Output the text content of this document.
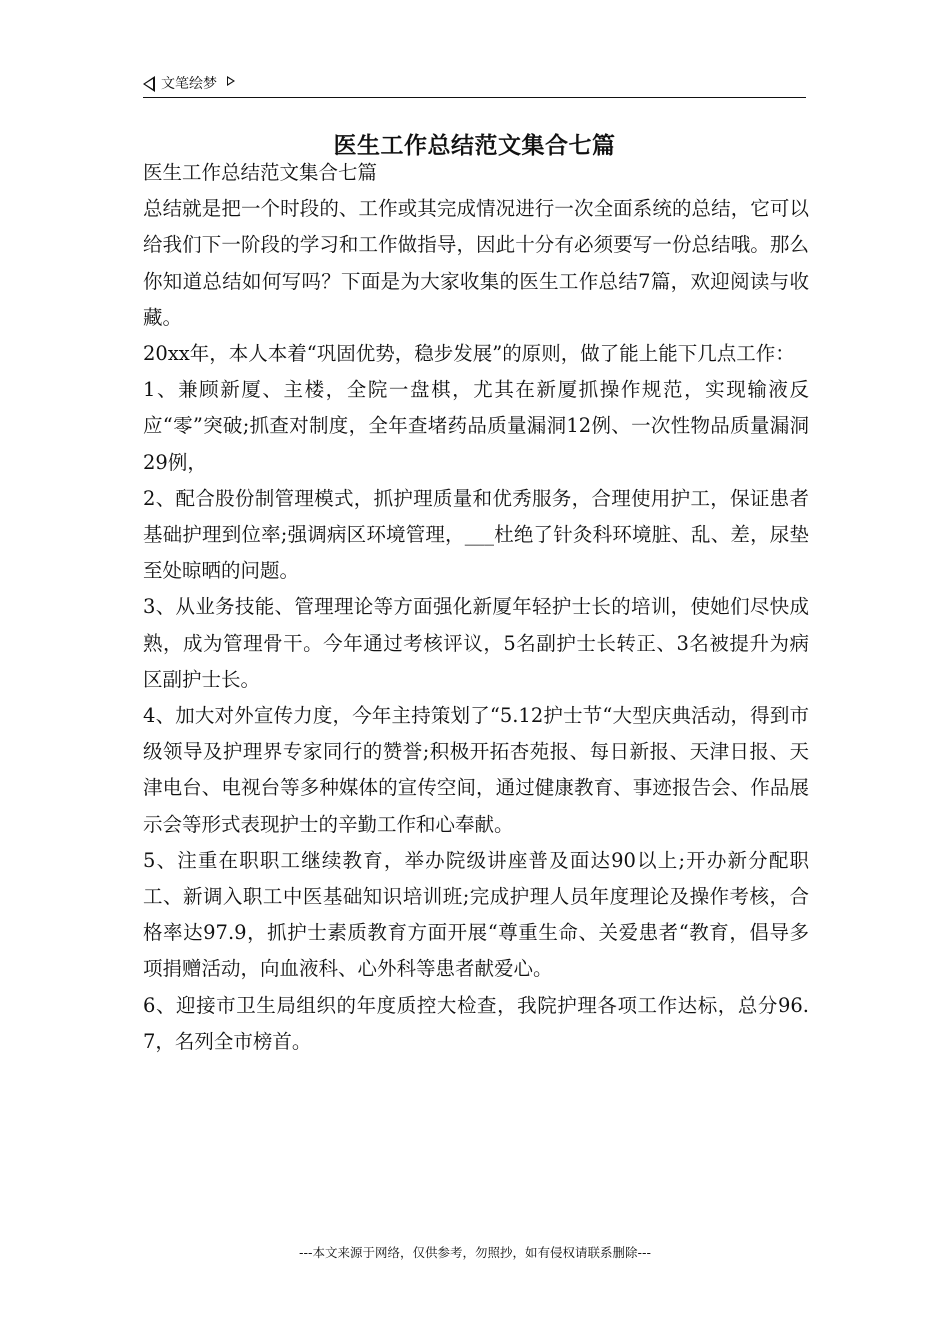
文笔绘梦
医生工作总结范文集合七篇

医生工作总结范文集合七篇

总结就是把一个时段的、工作或其完成情况进行一次全面系统的总结，它可以给我们下一阶段的学习和工作做指导，因此十分有必须要写一份总结哦。那么你知道总结如何写吗？下面是为大家收集的医生工作总结7篇，欢迎阅读与收藏。

20xx年，本人本着“巩固优势，稳步发展”的原则，做了能上能下几点工作：

1、兼顾新厦、主楼，全院一盘棋，尤其在新厦抓操作规范，实现输液反应“零”突破;抓查对制度，全年查堵药品质量漏洞12例、一次性物品质量漏洞29例，

2、配合股份制管理模式，抓护理质量和优秀服务，合理使用护工，保证患者基础护理到位率;强调病区环境管理，___杜绝了针灸科环境脏、乱、差，尿垫至处晾晒的问题。

3、从业务技能、管理理论等方面强化新厦年轻护士长的培训，使她们尽快成熟，成为管理骨干。今年通过考核评议，5名副护士长转正、3名被提升为病区副护士长。

4、加大对外宣传力度，今年主持策划了“5.12护士节“大型庆典活动，得到市级领导及护理界专家同行的赞誉;积极开拓杏苑报、每日新报、天津日报、天津电台、电视台等多种媒体的宣传空间，通过健康教育、事迹报告会、作品展示会等形式表现护士的辛勤工作和心奉献。

5、注重在职职工继续教育，举办院级讲座普及面达90以上;开办新分配职工、新调入职工中医基础知识培训班;完成护理人员年度理论及操作考核，合格率达97.9，抓护士素质教育方面开展“尊重生命、关爱患者“教育，倡导多项捐赠活动，向血液科、心外科等患者献爱心。

6、迎接市卫生局组织的年度质控大检查，我院护理各项工作达标，总分96.7，名列全市榜首。

---本文来源于网络，仅供参考，勿照抄，如有侵权请联系删除---
